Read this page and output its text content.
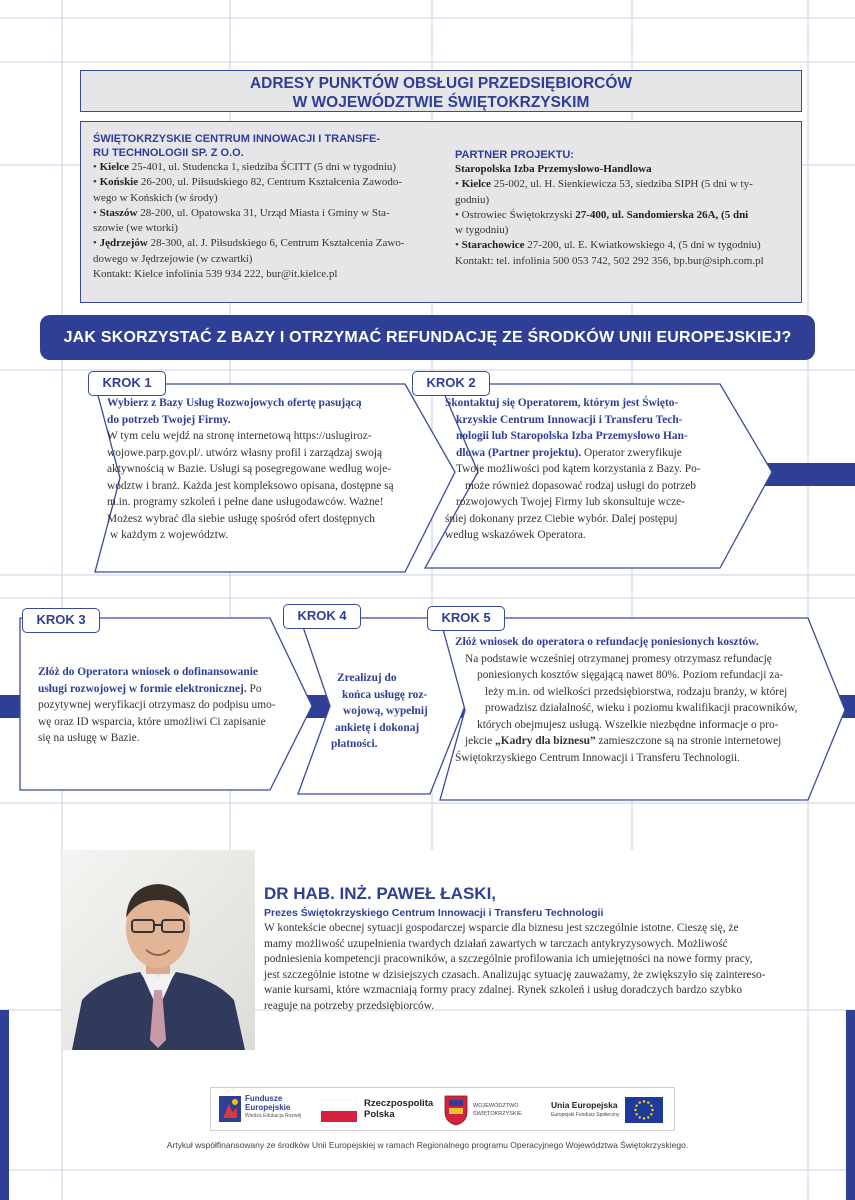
ADRESY PUNKTÓW OBSŁUGI PRZEDSIĘBIORCÓW
W WOJEWÓDZTWIE ŚWIĘTOKRZYSKIM
ŚWIĘTOKRZYSKIE CENTRUM INNOWACJI I TRANSFE-
RU TECHNOLOGII SP. Z O.O.

• Kielce 25-401, ul. Studencka 1, siedziba ŚCITT (5 dni w tygodniu)

• Końskie 26-200, ul. Piłsudskiego 82, Centrum Kształcenia Zawodo-

wego w Końskich (w środy)

• Staszów 28-200, ul. Opatowska 31, Urząd Miasta i Gminy w Sta-

szowie (we wtorki)

• Jędrzejów 28-300, al. J. Piłsudskiego 6, Centrum Kształcenia Zawo-

dowego w Jędrzejowie (w czwartki)

Kontakt: Kielce infolinia 539 934 222, bur@it.kielce.pl

PARTNER PROJEKTU:

Staropolska Izba Przemysłowo-Handlowa

• Kielce 25-002, ul. H. Sienkiewicza 53, siedziba SIPH (5 dni w ty-

godniu)

• Ostrowiec Świętokrzyski 27-400, ul. Sandomierska 26A, (5 dni

w tygodniu)

• Starachowice 27-200, ul. E. Kwiatkowskiego 4, (5 dni w tygodniu)

Kontakt: tel. infolinia 500 053 742, 502 292 356, bp.bur@siph.com.pl

JAK SKORZYSTAĆ Z BAZY I OTRZYMAĆ REFUNDACJĘ ZE ŚRODKÓW UNII EUROPEJSKIEJ?
KROK 1	KROK 2
KROK 3	KROK 4	KROK 5

Wybierz z Bazy Usług Rozwojowych ofertę pasującą

do potrzeb Twojej Firmy.

W tym celu wejdź na stronę internetową https://uslugiroz-

wojowe.parp.gov.pl/. utwórz własny profil i zarządzaj swoją

aktywnością w Bazie. Usługi są posegregowane według woje-

wództw i branż. Każda jest kompleksowo opisana, dostępne są

m.in. programy szkoleń i pełne dane usługodawców. Ważne!

Możesz wybrać dla siebie usługę spośród ofert dostępnych

w każdym z województw.

Skontaktuj się Operatorem, którym jest Święto-

krzyskie Centrum Innowacji i Transferu Tech-

nologii lub Staropolska Izba Przemysłowo Han-

dlowa (Partner projektu). Operator zweryfikuje

Twoje możliwości pod kątem korzystania z Bazy. Po-

może również dopasować rodzaj usługi do potrzeb

rozwojowych Twojej Firmy lub skonsultuje wcze-

śniej dokonany przez Ciebie wybór. Dalej postępuj

według wskazówek Operatora.

Złóż do Operatora wniosek o dofinansowanie

usługi rozwojowej w formie elektronicznej. Po

pozytywnej weryfikacji otrzymasz do podpisu umo-

wę oraz ID wsparcia, które umożliwi Ci zapisanie

się na usługę w Bazie.

Zrealizuj do

końca usługę roz-

wojową, wypełnij

ankietę i dokonaj

płatności.

Złóż wniosek do operatora o refundację poniesionych kosztów.

Na podstawie wcześniej otrzymanej promesy otrzymasz refundację

poniesionych kosztów sięgającą nawet 80%. Poziom refundacji za-

leży m.in. od wielkości przedsiębiorstwa, rodzaju branży, w której

prowadzisz działalność, wieku i poziomu kwalifikacji pracowników,

których obejmujesz usługą. Wszelkie niezbędne informacje o pro-

jekcie „Kadry dla biznesu” zamieszczone są na stronie internetowej

Świętokrzyskiego Centrum Innowacji i Transferu Technologii.

DR HAB. INŻ. PAWEŁ ŁASKI,
Prezes Świętokrzyskiego Centrum Innowacji i Transferu Technologii
W kontekście obecnej sytuacji gospodarczej wsparcie dla biznesu jest szczególnie istotne. Cieszę się, że
mamy możliwość uzupełnienia twardych działań zawartych w tarczach antykryzysowych. Możliwość
podniesienia kompetencji pracowników, a szczególnie profilowania ich umiejętności na nowe formy pracy,
jest szczególnie istotne w dzisiejszych czasach. Analizując sytuację zauważamy, że zwiększyło się zaintereso-
wanie kursami, które wzmacniają formy pracy zdalnej. Rynek szkoleń i usług doradczych bardzo szybko
reaguje na potrzeby przedsiębiorców.
Fundusze
Europejskie
Wiedza Edukacja Rozwój
Rzeczpospolita
Polska
WOJEWÓDZTWO
ŚWIĘTOKRZYSKIE
Unia Europejska
Europejski Fundusz Społeczny
Artykuł współfinansowany ze środków Unii Europejskiej w ramach Regionalnego programu Operacyjnego Województwa Świętokrzyskiego.
